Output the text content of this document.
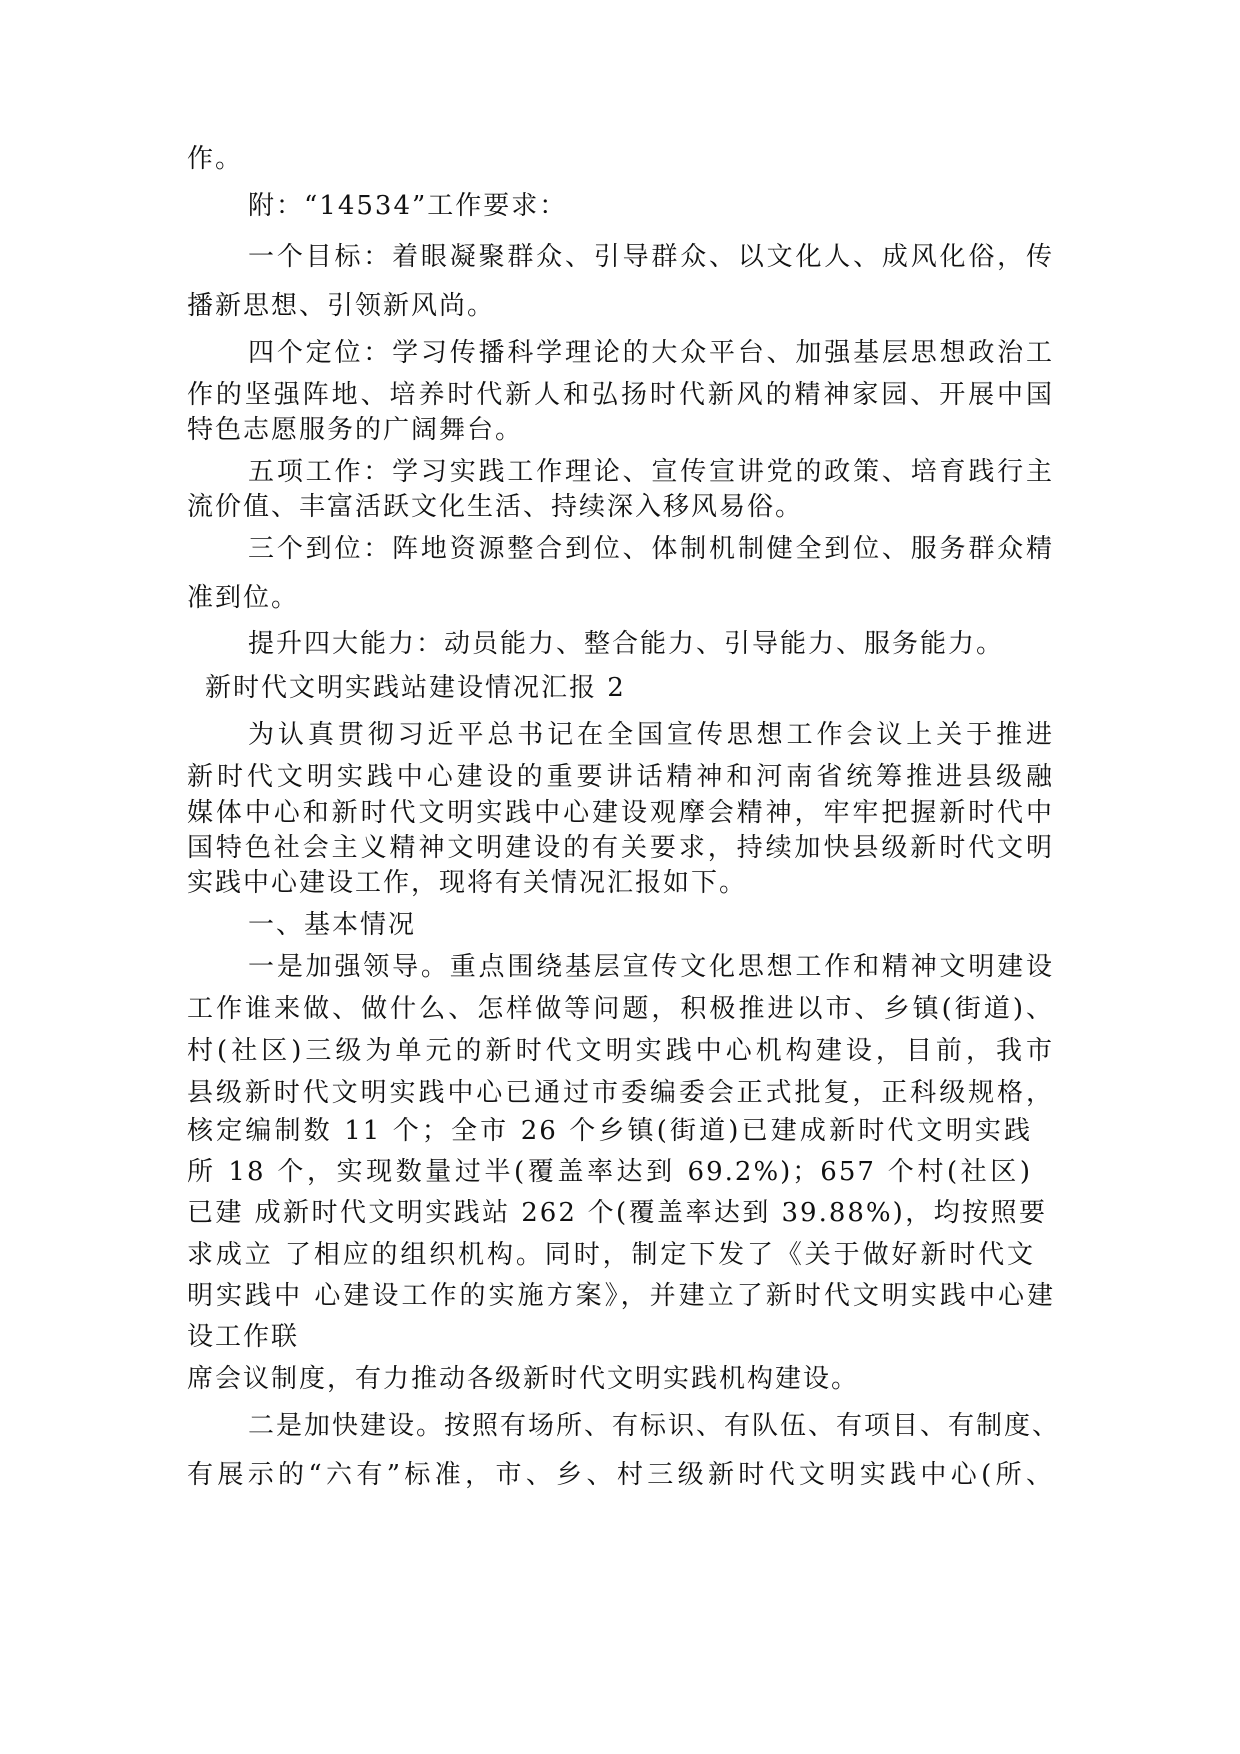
作。

附：“14534”工作要求：

一个目标：着眼凝聚群众、引导群众、以文化人、成风化俗，传

播新思想、引领新风尚。

四个定位：学习传播科学理论的大众平台、加强基层思想政治工

作的坚强阵地、培养时代新人和弘扬时代新风的精神家园、开展中国

特色志愿服务的广阔舞台。

五项工作：学习实践工作理论、宣传宣讲党的政策、培育践行主

流价值、丰富活跃文化生活、持续深入移风易俗。

三个到位：阵地资源整合到位、体制机制健全到位、服务群众精

准到位。

提升四大能力：动员能力、整合能力、引导能力、服务能力。

新时代文明实践站建设情况汇报 2

为认真贯彻习近平总书记在全国宣传思想工作会议上关于推进

新时代文明实践中心建设的重要讲话精神和河南省统筹推进县级融

媒体中心和新时代文明实践中心建设观摩会精神，牢牢把握新时代中

国特色社会主义精神文明建设的有关要求，持续加快县级新时代文明

实践中心建设工作，现将有关情况汇报如下。

一、基本情况

一是加强领导。重点围绕基层宣传文化思想工作和精神文明建设

工作谁来做、做什么、怎样做等问题，积极推进以市、乡镇(街道)、

村(社区)三级为单元的新时代文明实践中心机构建设，目前，我市

县级新时代文明实践中心已通过市委编委会正式批复，正科级规格，

核定编制数 11 个；全市 26 个乡镇(街道)已建成新时代文明实践

所 18 个，实现数量过半(覆盖率达到 69.2%)；657 个村(社区)

已建 成新时代文明实践站 262 个(覆盖率达到 39.88%)，均按照要

求成立 了相应的组织机构。同时，制定下发了《关于做好新时代文

明实践中 心建设工作的实施方案》，并建立了新时代文明实践中心建

设工作联

席会议制度，有力推动各级新时代文明实践机构建设。

二是加快建设。按照有场所、有标识、有队伍、有项目、有制度、

有展示的“六有”标准，市、乡、村三级新时代文明实践中心(所、
